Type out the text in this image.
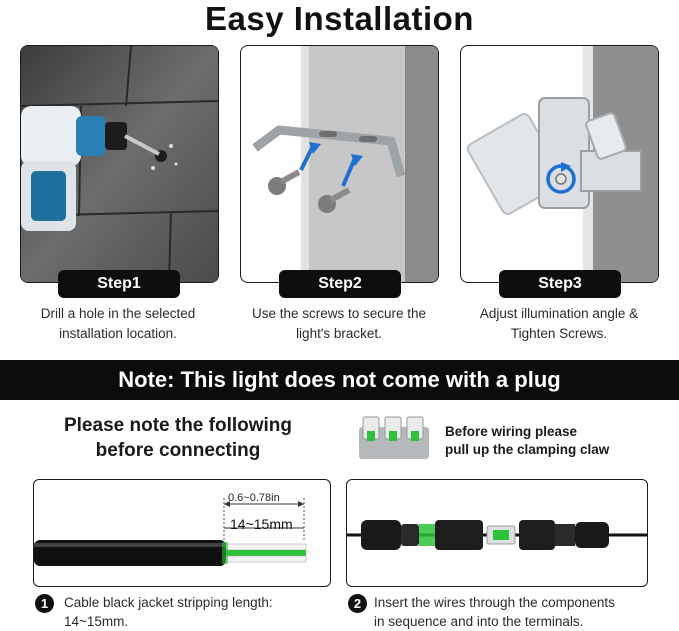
Easy Installation
Step1	Step2	Step3
Drill a hole in the selected
installation location.
Use the screws to secure the
light's bracket.
Adjust illumination angle &
Tighten Screws.
Note: This light does not come with a plug
Please note the following
before connecting
Before wiring please
pull up the clamping claw
0.6~0.78in
14~15mm
1	Cable black jacket stripping length:
14~15mm.
2 Insert the wires through the components
in sequence and into the terminals.
